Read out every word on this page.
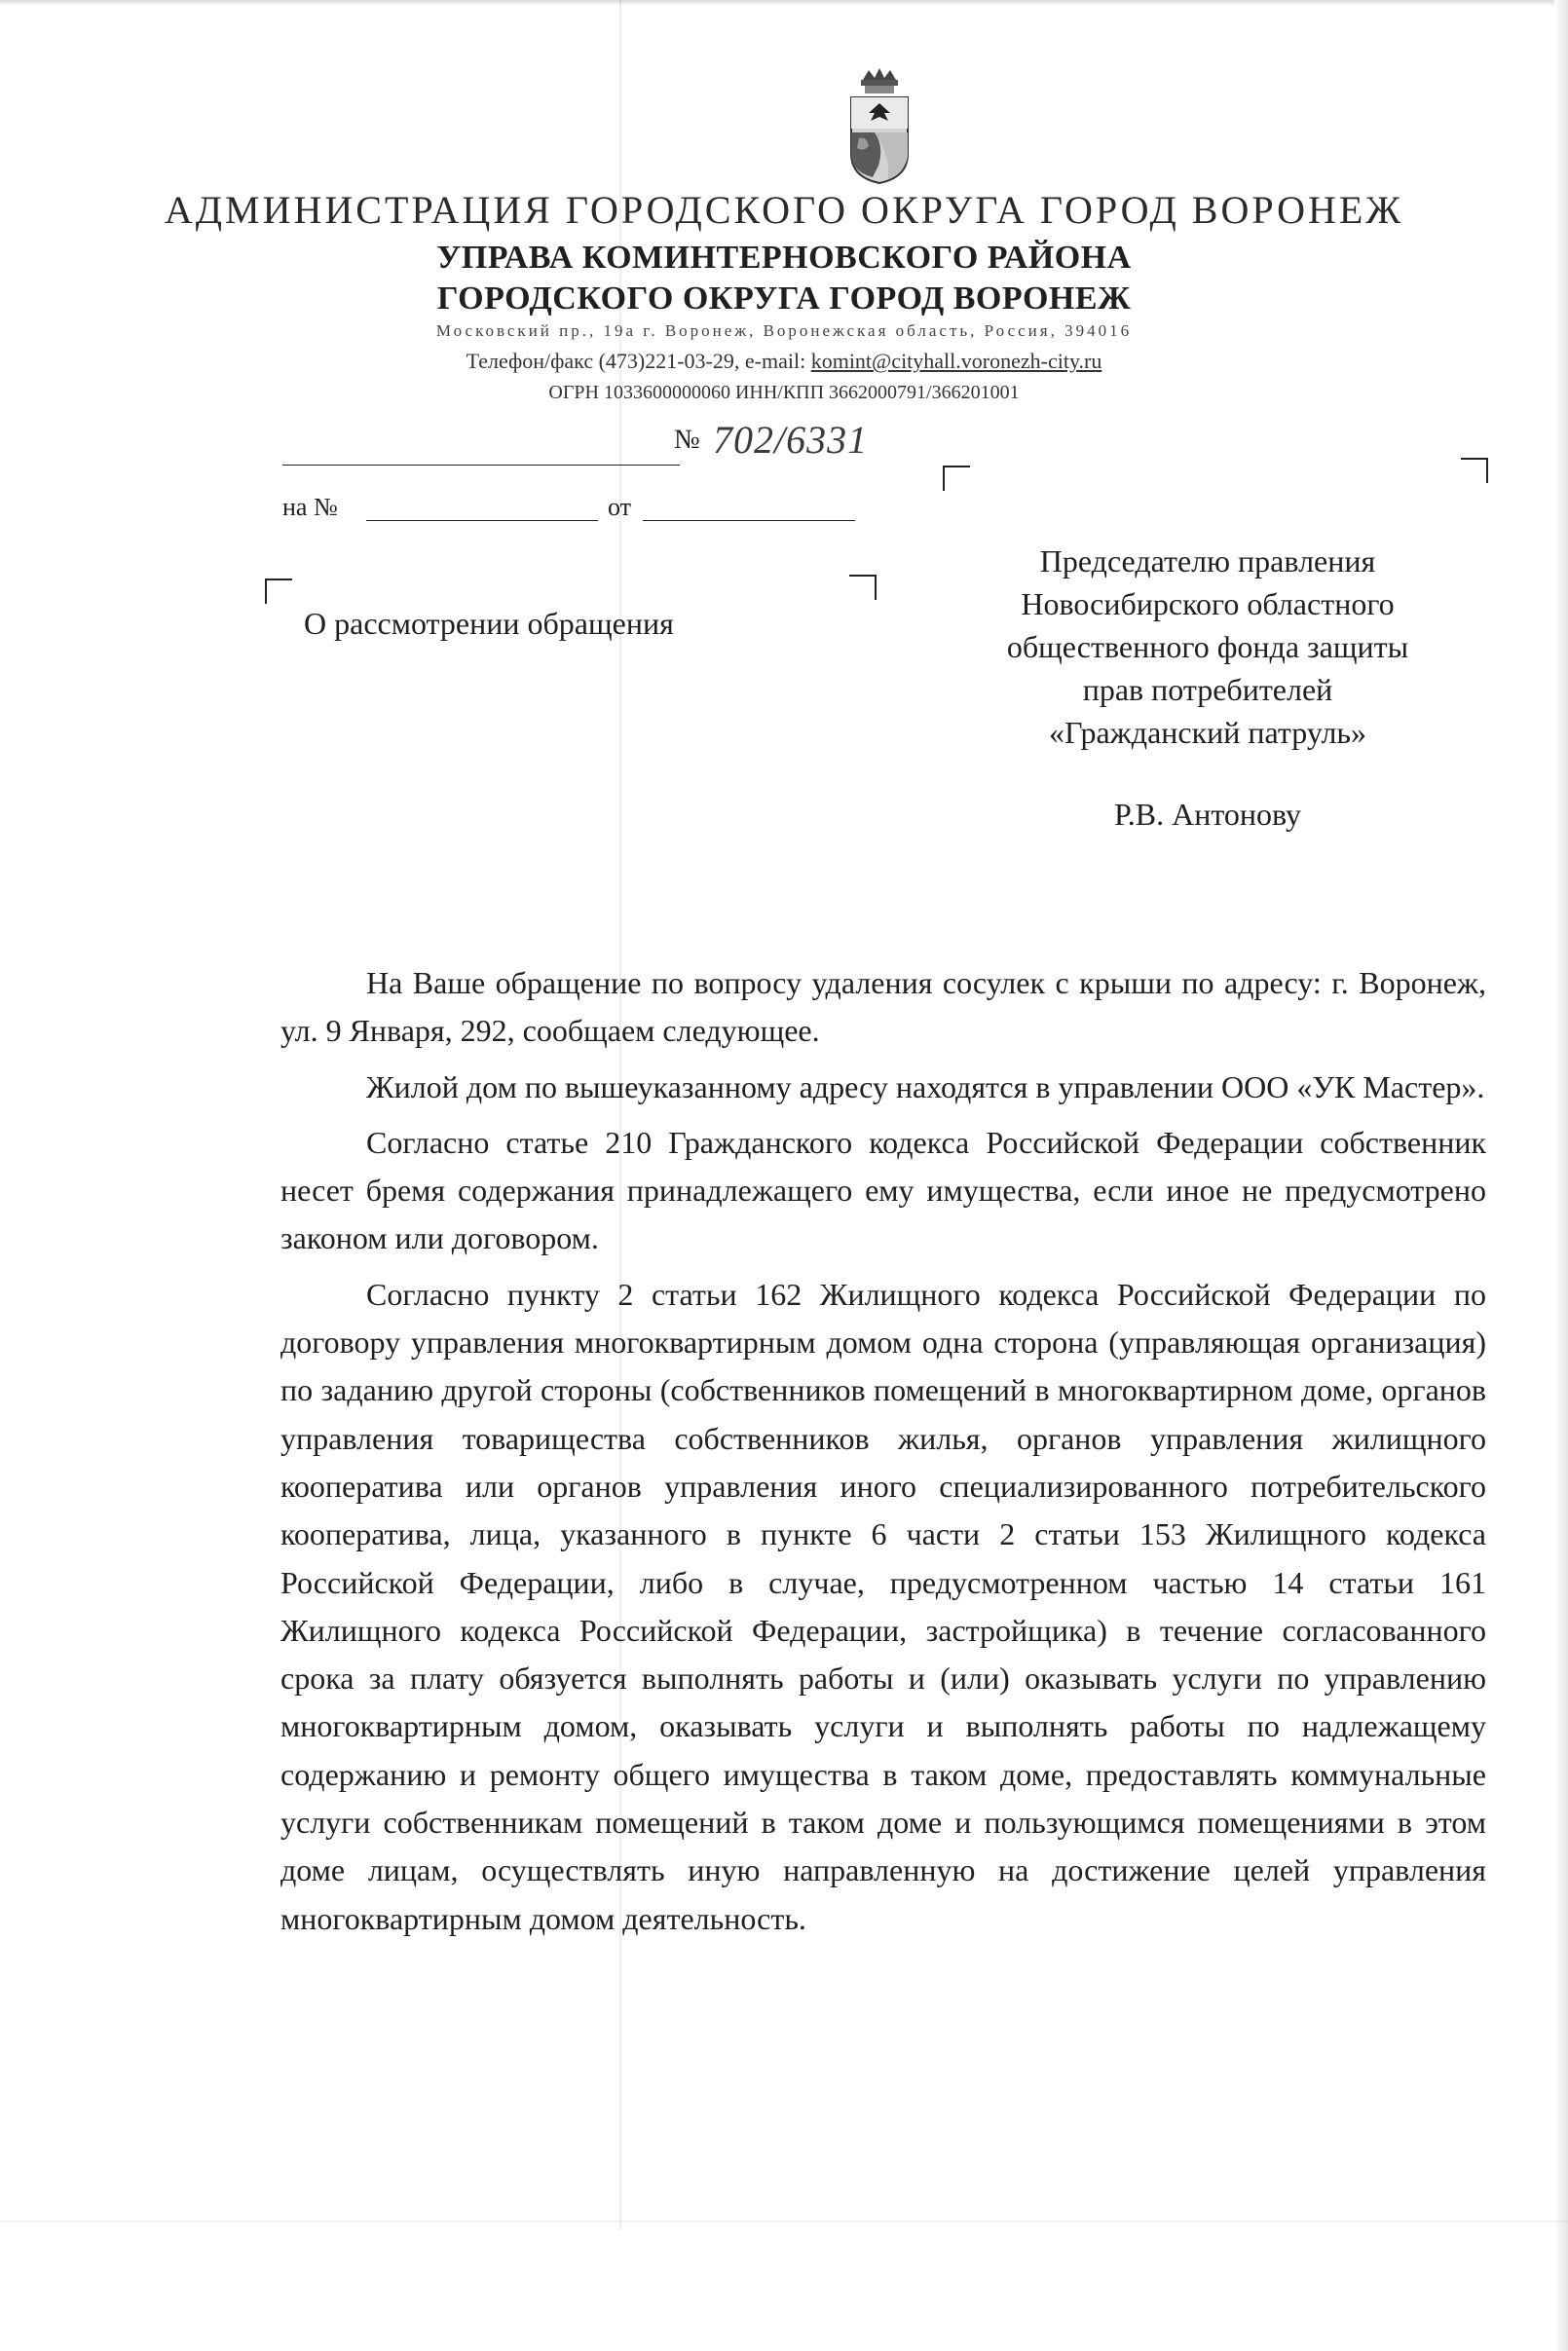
АДМИНИСТРАЦИЯ ГОРОДСКОГО ОКРУГА ГОРОД ВОРОНЕЖ
УПРАВА КОМИНТЕРНОВСКОГО РАЙОНА
ГОРОДСКОГО ОКРУГА ГОРОД ВОРОНЕЖ
Московский пр., 19а г. Воронеж, Воронежская область, Россия, 394016
Телефон/факс (473)221-03-29, e-mail: komint@cityhall.voronezh-city.ru
ОГРН 1033600000060 ИНН/КПП 3662000791/366201001
№ 702/6331
на №	от
О рассмотрении обращения
Председателю правления
Новосибирского областного
общественного фонда защиты
прав потребителей
«Гражданский патруль»
Р.В. Антонову

На Ваше обращение по вопросу удаления сосулек с крыши по адресу: г. Воронеж, ул. 9 Января, 292, сообщаем следующее.

Жилой дом по вышеуказанному адресу находятся в управлении ООО «УК Мастер».

Согласно статье 210 Гражданского кодекса Российской Федерации собственник несет бремя содержания принадлежащего ему имущества, если иное не предусмотрено законом или договором.

Согласно пункту 2 статьи 162 Жилищного кодекса Российской Федерации по договору управления многоквартирным домом одна сторона (управляющая организация) по заданию другой стороны (собственников помещений в многоквартирном доме, органов управления товарищества собственников жилья, органов управления жилищного кооператива или органов управления иного специализированного потребительского кооператива, лица, указанного в пункте 6 части 2 статьи 153 Жилищного кодекса Российской Федерации, либо в случае, предусмотренном частью 14 статьи 161 Жилищного кодекса Российской Федерации, застройщика) в течение согласованного срока за плату обязуется выполнять работы и (или) оказывать услуги по управлению многоквартирным домом, оказывать услуги и выполнять работы по надлежащему содержанию и ремонту общего имущества в таком доме, предоставлять коммунальные услуги собственникам помещений в таком доме и пользующимся помещениями в этом доме лицам, осуществлять иную направленную на достижение целей управления многоквартирным домом деятельность.
